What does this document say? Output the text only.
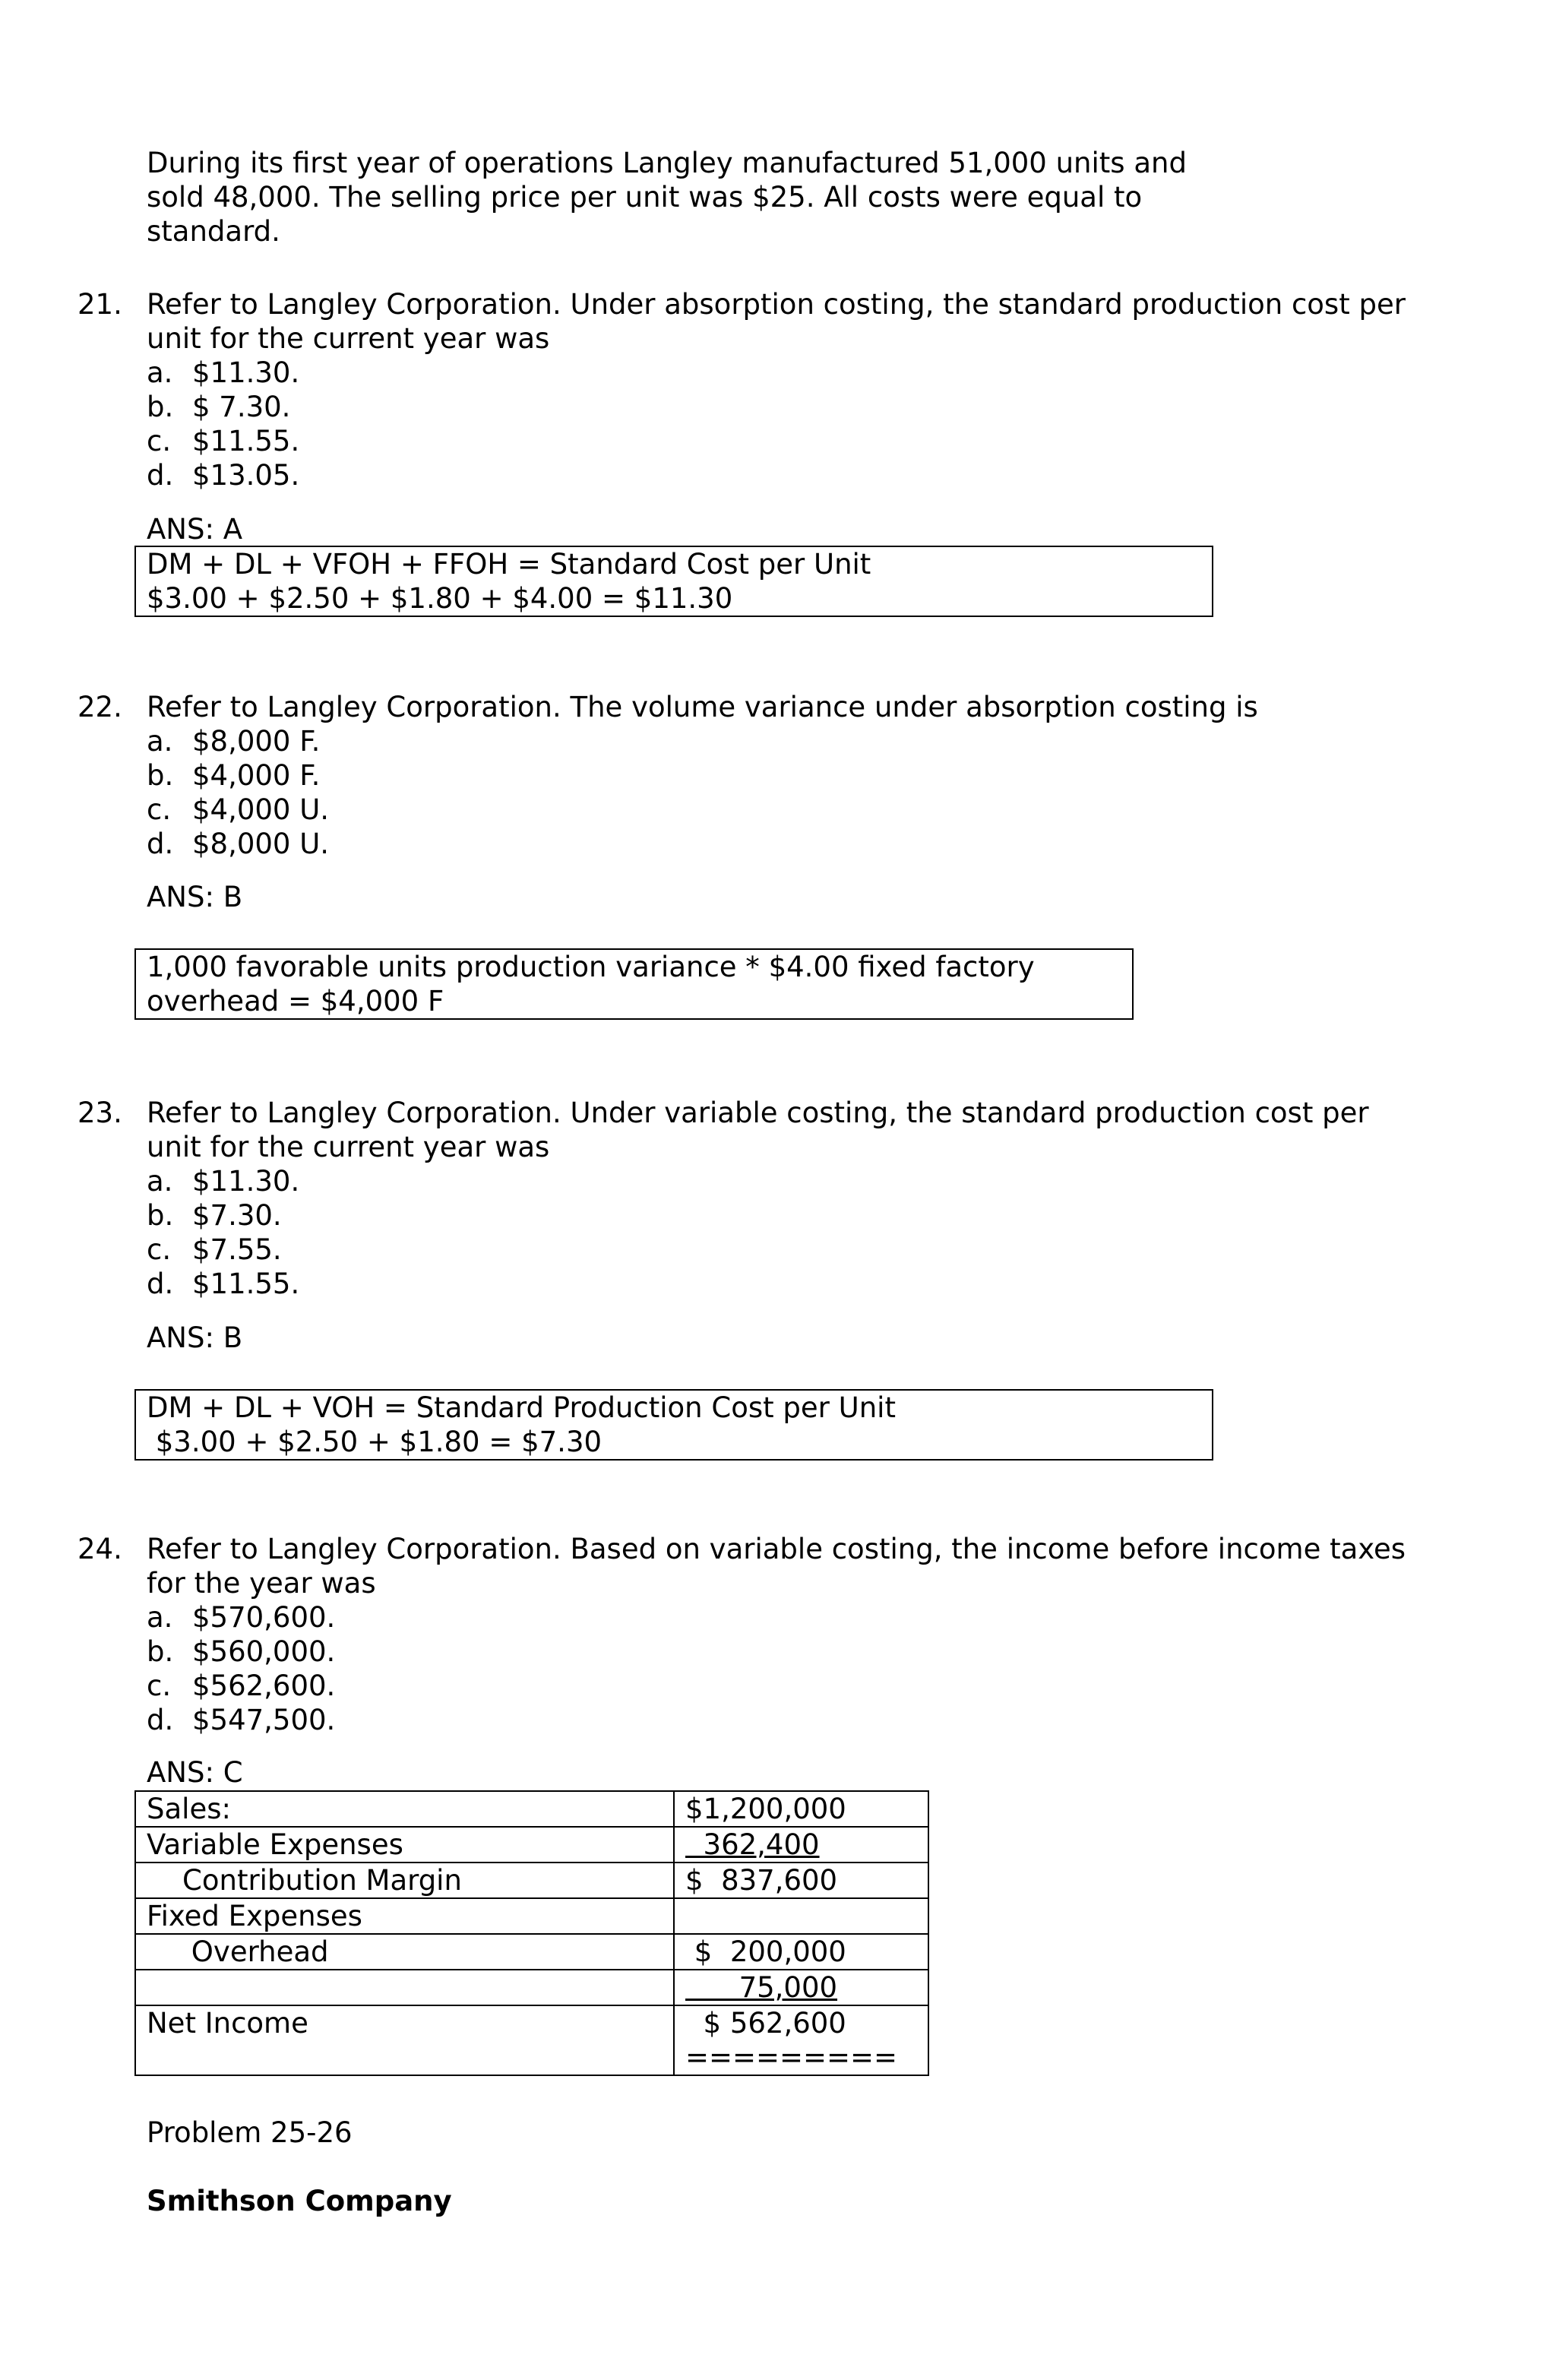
During its first year of operations Langley manufactured 51,000 units and
sold 48,000. The selling price per unit was $25. All costs were equal to
standard.
21. Refer to Langley Corporation. Under absorption costing, the standard production cost per
unit for the current year was
a. $11.30.
b. $ 7.30.
c. $11.55.
d. $13.05.
ANS: A
DM + DL + VFOH + FFOH = Standard Cost per Unit
$3.00 + $2.50 + $1.80 + $4.00 = $11.30
22. Refer to Langley Corporation. The volume variance under absorption costing is
a. $8,000 F.
b. $4,000 F.
c. $4,000 U.
d. $8,000 U.
ANS: B
1,000 favorable units production variance * $4.00 fixed factory
overhead = $4,000 F
23. Refer to Langley Corporation. Under variable costing, the standard production cost per
unit for the current year was
a. $11.30.
b. $7.30.
c. $7.55.
d. $11.55.
ANS: B
DM + DL + VOH = Standard Production Cost per Unit
$3.00 + $2.50 + $1.80 = $7.30
24. Refer to Langley Corporation. Based on variable costing, the income before income taxes
for the year was
a. $570,600.
b. $560,000.
c. $562,600.
d. $547,500.
ANS: C
Sales:	$1,200,000
Variable Expenses	362,400
Contribution Margin	$  837,600
Fixed Expenses	
Overhead	$  200,000
	75,000
Net Income	$ 562,600
=========
Problem 25-26
Smithson Company
